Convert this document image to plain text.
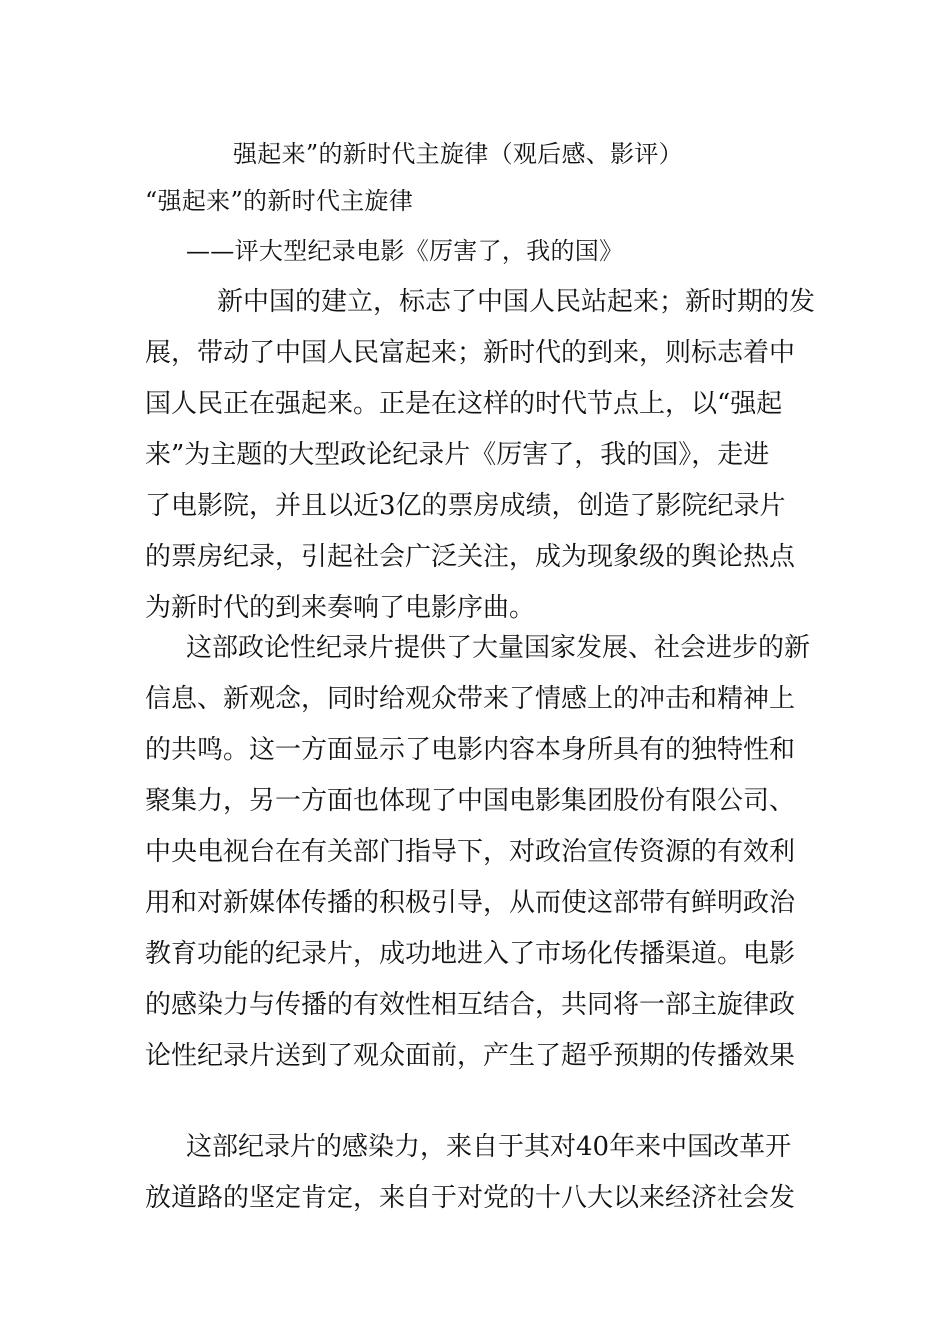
强起来”的新时代主旋律（观后感、影评）
“强起来”的新时代主旋律
——评大型纪录电影《厉害了，我的国》
新中国的建立，标志了中国人民站起来；新时期的发
展，带动了中国人民富起来；新时代的到来，则标志着中
国人民正在强起来。正是在这样的时代节点上，以“强起
来”为主题的大型政论纪录片《厉害了，我的国》，走进
了电影院，并且以近3亿的票房成绩，创造了影院纪录片
的票房纪录，引起社会广泛关注，成为现象级的舆论热点
为新时代的到来奏响了电影序曲。
这部政论性纪录片提供了大量国家发展、社会进步的新
信息、新观念，同时给观众带来了情感上的冲击和精神上
的共鸣。这一方面显示了电影内容本身所具有的独特性和
聚集力，另一方面也体现了中国电影集团股份有限公司、
中央电视台在有关部门指导下，对政治宣传资源的有效利
用和对新媒体传播的积极引导，从而使这部带有鲜明政治
教育功能的纪录片，成功地进入了市场化传播渠道。电影
的感染力与传播的有效性相互结合，共同将一部主旋律政
论性纪录片送到了观众面前，产生了超乎预期的传播效果
这部纪录片的感染力，来自于其对40年来中国改革开
放道路的坚定肯定，来自于对党的十八大以来经济社会发
